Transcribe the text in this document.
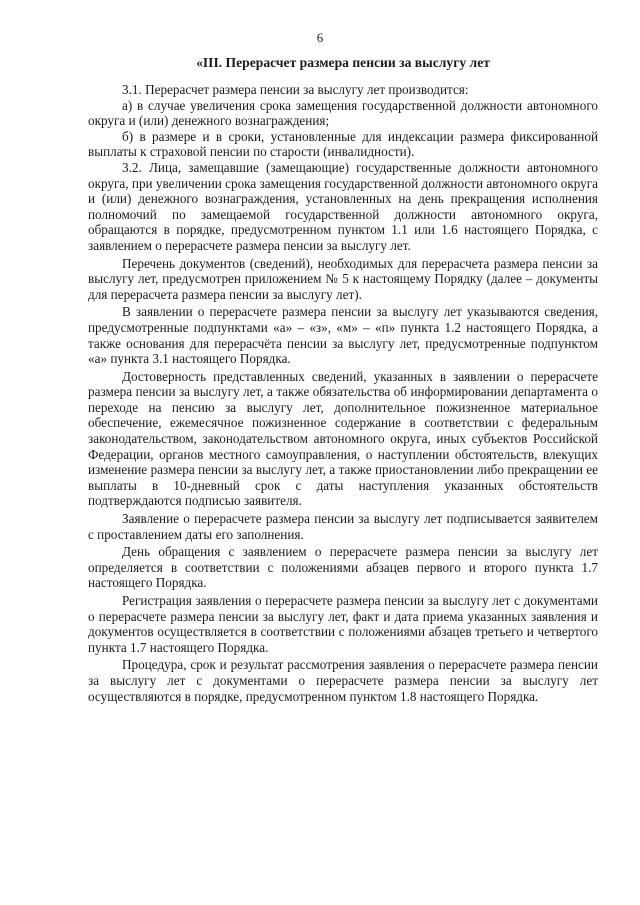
6
«III. Перерасчет размера пенсии за выслугу лет

3.1. Перерасчет размера пенсии за выслугу лет производится:

а) в случае увеличения срока замещения государственной должности автономного округа и (или) денежного вознаграждения;

б) в размере и в сроки, установленные для индексации размера фиксированной выплаты к страховой пенсии по старости (инвалидности).

3.2. Лица, замещавшие (замещающие) государственные должности автономного округа, при увеличении срока замещения государственной должности автономного округа и (или) денежного вознаграждения, установленных на день прекращения исполнения полномочий по замещаемой государственной должности автономного округа, обращаются в порядке, предусмотренном пунктом 1.1 или 1.6 настоящего Порядка, с заявлением о перерасчете размера пенсии за выслугу лет.

Перечень документов (сведений), необходимых для перерасчета размера пенсии за выслугу лет, предусмотрен приложением № 5 к настоящему Порядку (далее – документы для перерасчета размера пенсии за выслугу лет).

В заявлении о перерасчете размера пенсии за выслугу лет указываются сведения, предусмотренные подпунктами «а» – «з», «м» – «п» пункта 1.2 настоящего Порядка, а также основания для перерасчёта пенсии за выслугу лет, предусмотренные подпунктом «а» пункта 3.1 настоящего Порядка.

Достоверность представленных сведений, указанных в заявлении о перерасчете размера пенсии за выслугу лет, а также обязательства об информировании департамента о переходе на пенсию за выслугу лет, дополнительное пожизненное материальное обеспечение, ежемесячное пожизненное содержание в соответствии с федеральным законодательством, законодательством автономного округа, иных субъектов Российской Федерации, органов местного самоуправления, о наступлении обстоятельств, влекущих изменение размера пенсии за выслугу лет, а также приостановлении либо прекращении ее выплаты в 10-дневный срок с даты наступления указанных обстоятельств подтверждаются подписью заявителя.

Заявление о перерасчете размера пенсии за выслугу лет подписывается заявителем с проставлением даты его заполнения.

День обращения с заявлением о перерасчете размера пенсии за выслугу лет определяется в соответствии с положениями абзацев первого и второго пункта 1.7 настоящего Порядка.

Регистрация заявления о перерасчете размера пенсии за выслугу лет с документами о перерасчете размера пенсии за выслугу лет, факт и дата приема указанных заявления и документов осуществляется в соответствии с положениями абзацев третьего и четвертого пункта 1.7 настоящего Порядка.

Процедура, срок и результат рассмотрения заявления о перерасчете размера пенсии за выслугу лет с документами о перерасчете размера пенсии за выслугу лет осуществляются в порядке, предусмотренном пунктом 1.8 настоящего Порядка.
